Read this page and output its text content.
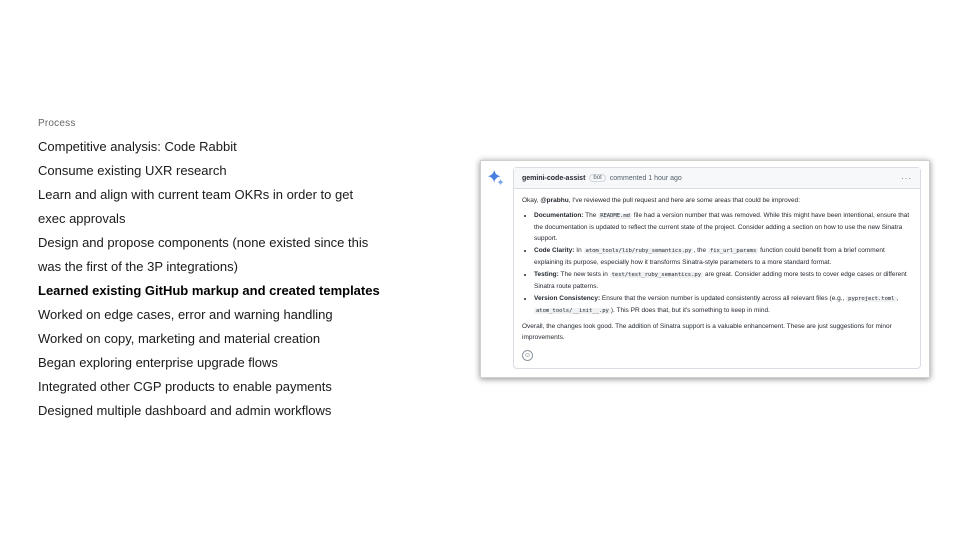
Process
Competitive analysis: Code Rabbit
Consume existing UXR research
Learn and align with current team OKRs in order to get
exec approvals
Design and propose components (none existed since this
was the first of the 3P integrations)
Learned existing GitHub markup and created templates
Worked on edge cases, error and warning handling
Worked on copy, marketing and material creation
Began exploring enterprise upgrade flows
Integrated other CGP products to enable payments
Designed multiple dashboard and admin workflows
gemini-code-assist	bot	commented 1 hour ago	···

Okay, @prabhu, I've reviewed the pull request and here are some areas that could be improved:

• Documentation: The README.md file had a version number that was removed. While this might have been intentional, ensure that the documentation is updated to reflect the current state of the project. Consider adding a section on how to use the new Sinatra support.
• Code Clarity: In atom_tools/lib/ruby_semantics.py , the fix_url_params function could benefit from a brief comment explaining its purpose, especially how it transforms Sinatra-style parameters to a more standard format.
• Testing: The new tests in test/test_ruby_semantics.py are great. Consider adding more tests to cover edge cases or different Sinatra route patterns.
• Version Consistency: Ensure that the version number is updated consistently across all relevant files (e.g., pyproject.toml , atom_tools/__init__.py ). This PR does that, but it's something to keep in mind.

Overall, the changes look good. The addition of Sinatra support is a valuable enhancement. These are just suggestions for minor improvements.

☺
